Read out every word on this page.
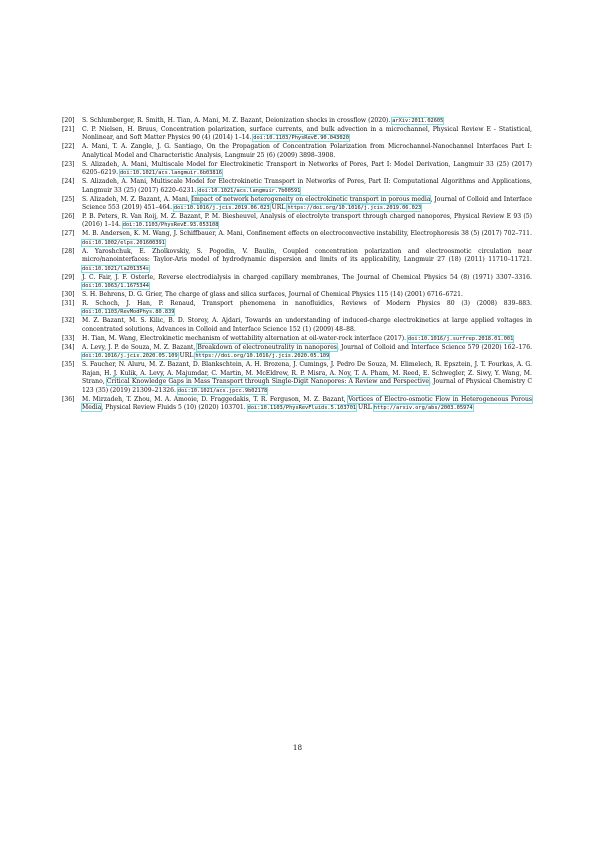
[20] S. Schlumberger, R. Smith, H. Tian, A. Mani, M. Z. Bazant, Deionization shocks in crossflow (2020). arXiv:2011.02605
[21] C. P. Nielsen, H. Bruus, Concentration polarization, surface currents, and bulk advection in a microchannel, Physical Review E - Statistical, Nonlinear, and Soft Matter Physics 90 (4) (2014) 1–14. doi:10.1103/PhysRevE.90.043020
[22] A. Mani, T. A. Zangle, J. G. Santiago, On the Propagation of Concentration Polarization from Microchannel-Nanochannel Interfaces Part I: Analytical Model and Characteristic Analysis, Langmuir 25 (6) (2009) 3898–3908.
[23] S. Alizadeh, A. Mani, Multiscale Model for Electrokinetic Transport in Networks of Pores, Part I: Model Derivation, Langmuir 33 (25) (2017) 6205–6219. doi:10.1021/acs.langmuir.6b03816
[24] S. Alizadeh, A. Mani, Multiscale Model for Electrokinetic Transport in Networks of Pores, Part II: Computational Algorithms and Applications, Langmuir 33 (25) (2017) 6220–6231. doi:10.1021/acs.langmuir.7b00591
[25] S. Alizadeh, M. Z. Bazant, A. Mani, Impact of network heterogeneity on electrokinetic transport in porous media, Journal of Colloid and Interface Science 553 (2019) 451–464. doi:10.1016/j.jcis.2019.06.023 URL https://doi.org/10.1016/j.jcis.2019.06.023
[26] P. B. Peters, R. Van Roij, M. Z. Bazant, P. M. Biesheuvel, Analysis of electrolyte transport through charged nanopores, Physical Review E 93 (5) (2016) 1–14. doi:10.1103/PhysRevE.93.053108
[27] M. B. Andersen, K. M. Wang, J. Schiffbauer, A. Mani, Confinement effects on electroconvective instability, Electrophoresis 38 (5) (2017) 702–711. doi:10.1002/elps.201600391
[28] A. Yaroshchuk, E. Zholkovskiy, S. Pogodin, V. Baulin, Coupled concentration polarization and electroosmotic circulation near micro/nanointerfaces: Taylor-Aris model of hydrodynamic dispersion and limits of its applicability, Langmuir 27 (18) (2011) 11710–11721. doi:10.1021/la201354s
[29] J. C. Fair, J. F. Osterle, Reverse electrodialysis in charged capillary membranes, The Journal of Chemical Physics 54 (8) (1971) 3307–3316. doi:10.1063/1.1675344
[30] S. H. Behrens, D. G. Grier, The charge of glass and silica surfaces, Journal of Chemical Physics 115 (14) (2001) 6716–6721.
[31] R. Schoch, J. Han, P. Renaud, Transport phenomena in nanofluidics, Reviews of Modern Physics 80 (3) (2008) 839–883. doi:10.1103/RevModPhys.80.839
[32] M. Z. Bazant, M. S. Kilic, B. D. Storey, A. Ajdari, Towards an understanding of induced-charge electrokinetics at large applied voltages in concentrated solutions, Advances in Colloid and Interface Science 152 (1) (2009) 48–88.
[33] H. Tian, M. Wang, Electrokinetic mechanism of wettability alternation at oil-water-rock interface (2017). doi:10.1016/j.surfrep.2018.01.001
[34] A. Levy, J. P. de Souza, M. Z. Bazant, Breakdown of electroneutrality in nanopores, Journal of Colloid and Interface Science 579 (2020) 162–176. doi:10.1016/j.jcis.2020.05.109 URL https://doi.org/10.1016/j.jcis.2020.05.109
[35] S. Faucher, N. Aluru, M. Z. Bazant, D. Blankschtein, A. H. Brozena, J. Cumings, J. Pedro De Souza, M. Elimelech, R. Epsztein, J. T. Fourkas, A. G. Rajan, H. J. Kulik, A. Levy, A. Majumdar, C. Martin, M. McEldrew, R. P. Misra, A. Noy, T. A. Pham, M. Reed, E. Schwegler, Z. Siwy, Y. Wang, M. Strano, Critical Knowledge Gaps in Mass Transport through Single-Digit Nanopores: A Review and Perspective, Journal of Physical Chemistry C 123 (35) (2019) 21309–21326. doi:10.1021/acs.jpcc.9b02178
[36] M. Mirzadeh, T. Zhou, M. A. Amooie, D. Fraggedakis, T. R. Ferguson, M. Z. Bazant, Vortices of Electro-osmotic Flow in Heterogeneous Porous Media, Physical Review Fluids 5 (10) (2020) 103701. doi:10.1103/PhysRevFluids.5.103701 URL http://arxiv.org/abs/2003.05974
18
